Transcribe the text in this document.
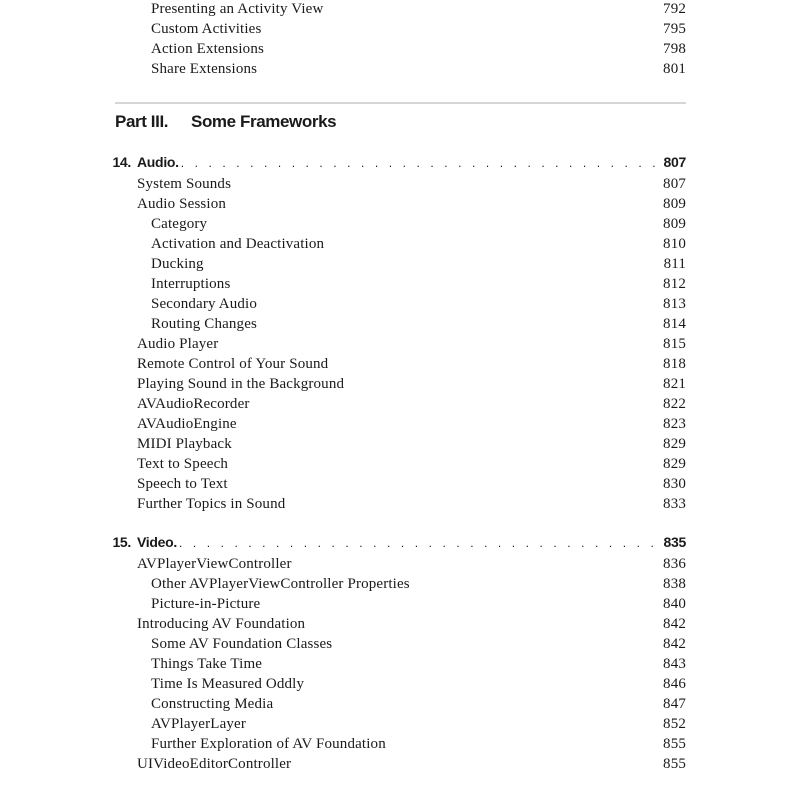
Presenting an Activity View	792
Custom Activities	795
Action Extensions	798
Share Extensions	801
Part III. Some Frameworks
14. Audio. . . .	807
System Sounds	807
Audio Session	809
Category	809
Activation and Deactivation	810
Ducking	811
Interruptions	812
Secondary Audio	813
Routing Changes	814
Audio Player	815
Remote Control of Your Sound	818
Playing Sound in the Background	821
AVAudioRecorder	822
AVAudioEngine	823
MIDI Playback	829
Text to Speech	829
Speech to Text	830
Further Topics in Sound	833
15. Video. . . .	835
AVPlayerViewController	836
Other AVPlayerViewController Properties	838
Picture-in-Picture	840
Introducing AV Foundation	842
Some AV Foundation Classes	842
Things Take Time	843
Time Is Measured Oddly	846
Constructing Media	847
AVPlayerLayer	852
Further Exploration of AV Foundation	855
UIVideoEditorController	855
